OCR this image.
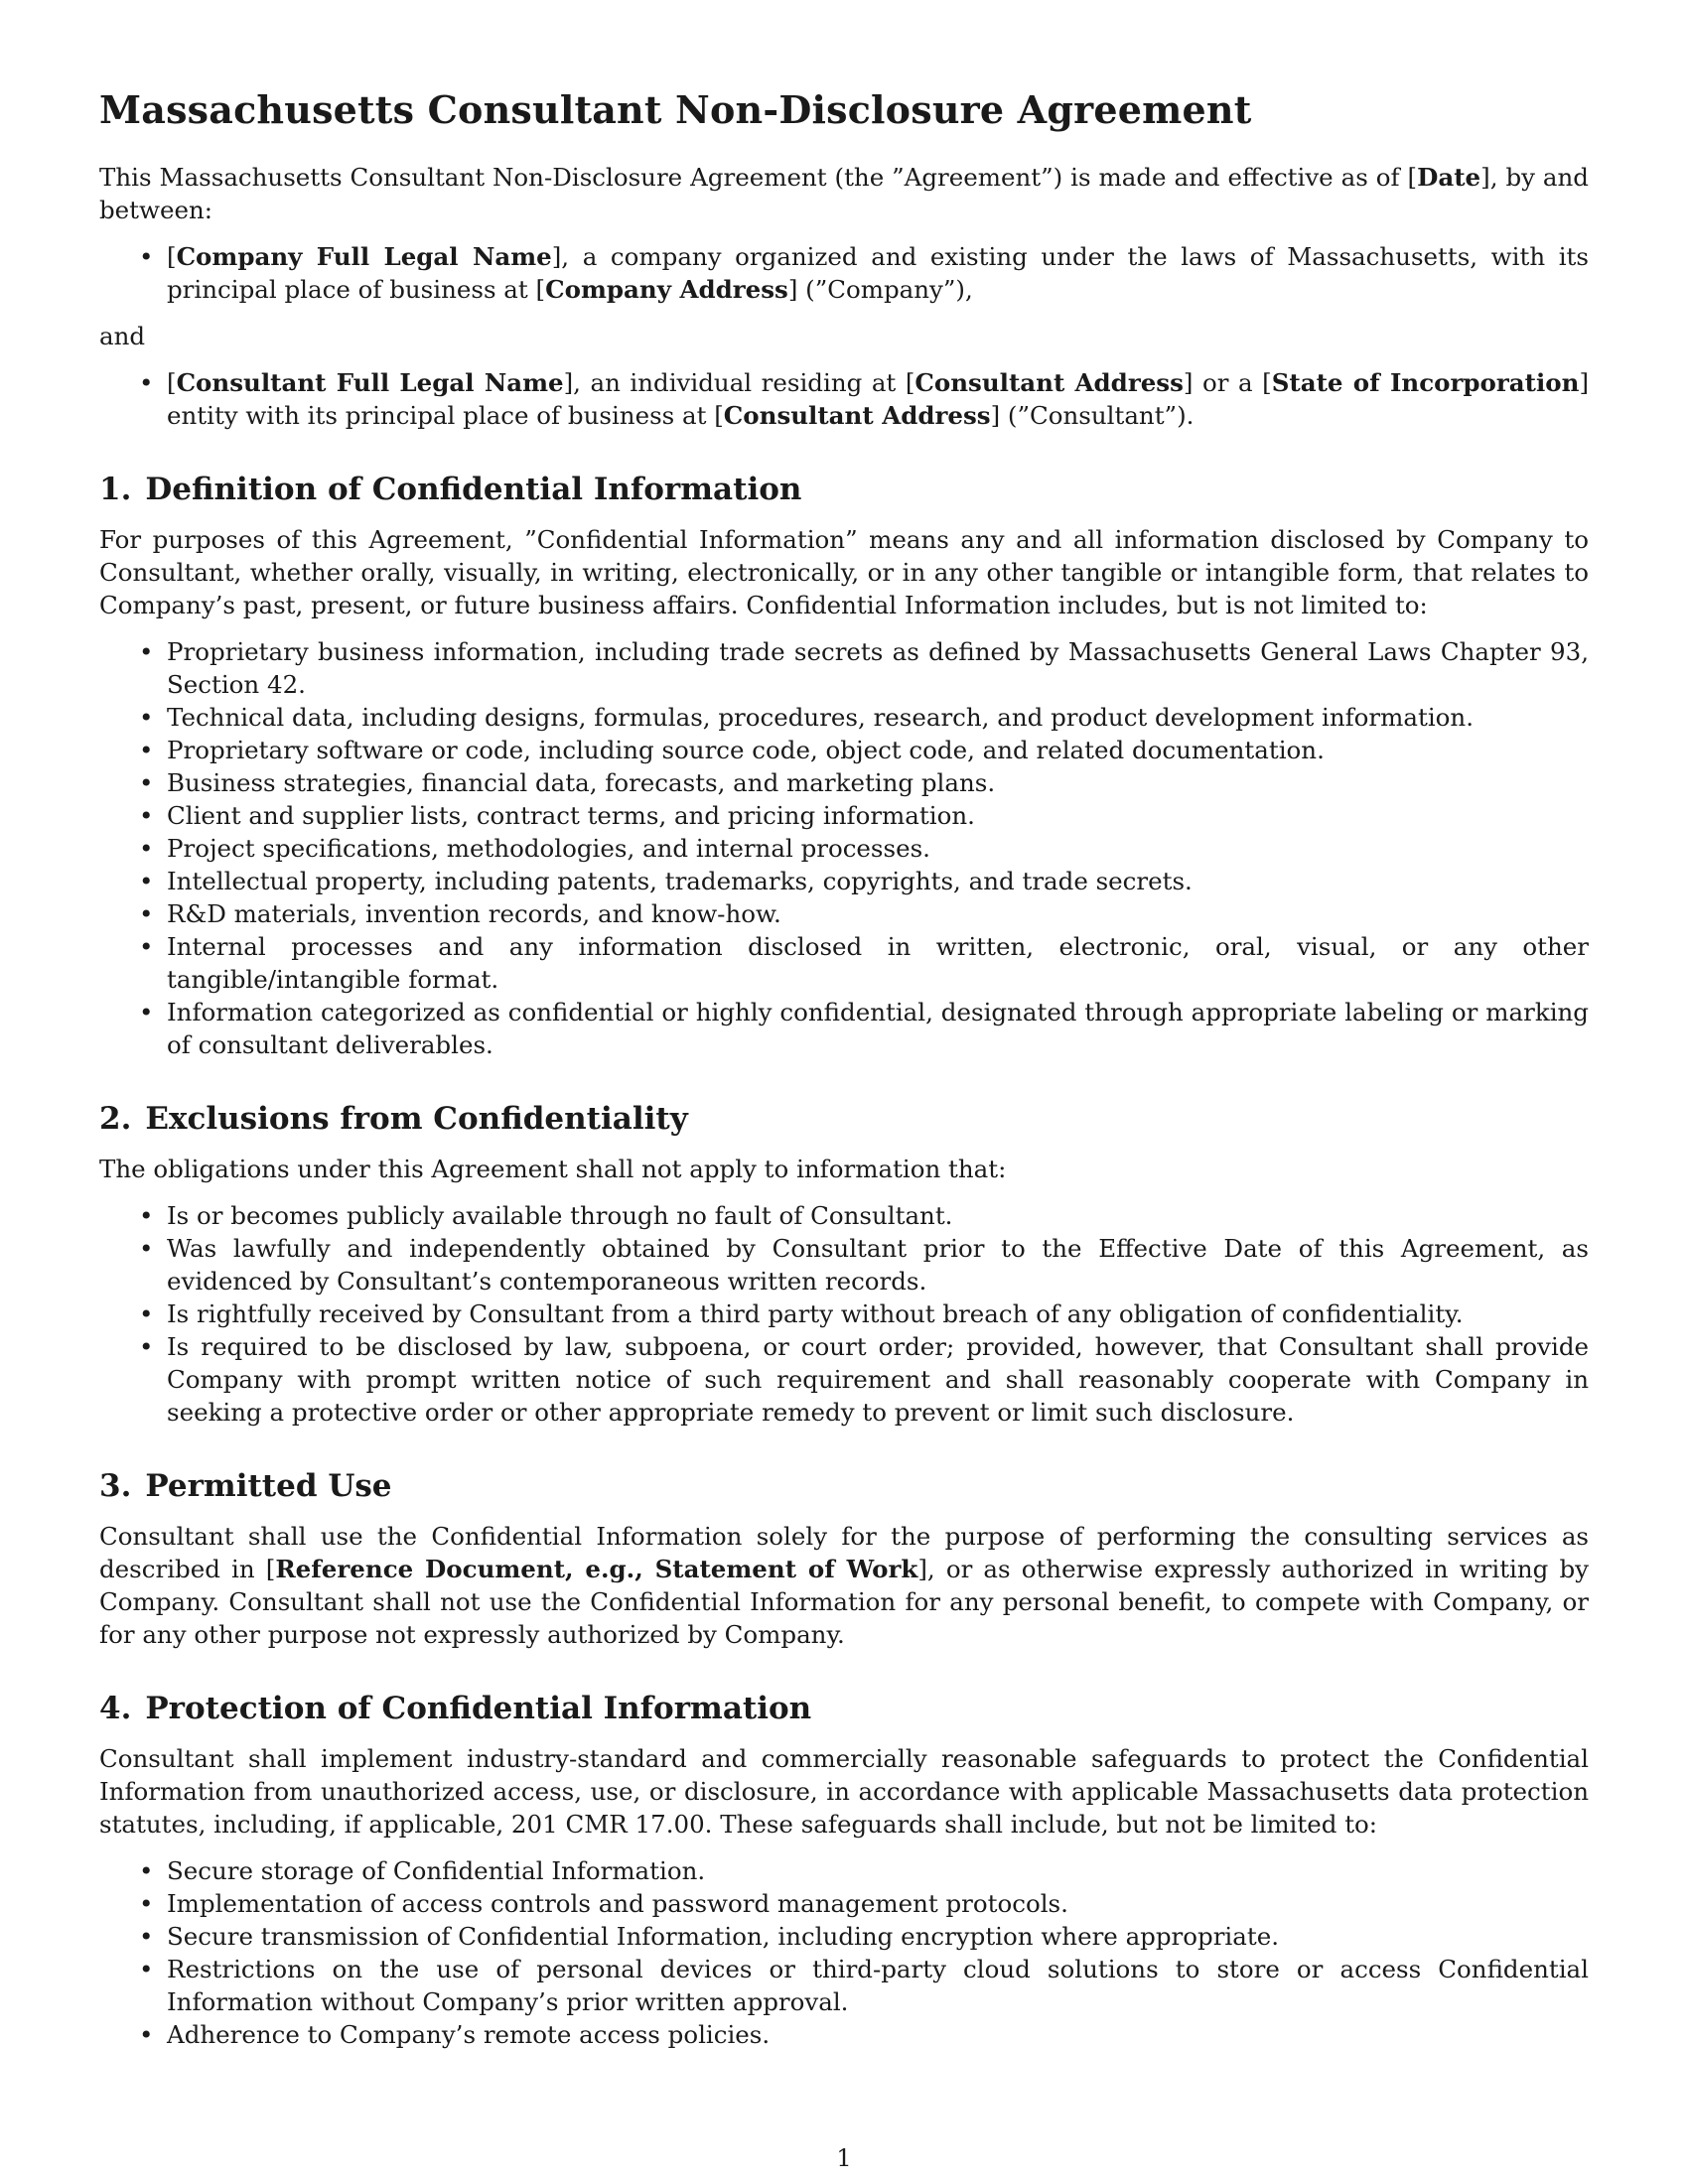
Massachusetts Consultant Non-Disclosure Agreement

This Massachusetts Consultant Non-Disclosure Agreement (the ”Agreement”) is made and effective as of [Date], by and between:

• [Company Full Legal Name], a company organized and existing under the laws of Massachusetts, with its principal place of business at [Company Address] (”Company”),

and

• [Consultant Full Legal Name], an individual residing at [Consultant Address] or a [State of Incorporation] entity with its principal place of business at [Consultant Address] (”Consultant”).
1. Definition of Confidential Information

For purposes of this Agreement, ”Confidential Information” means any and all information disclosed by Company to Consultant, whether orally, visually, in writing, electronically, or in any other tangible or intangible form, that relates to Company’s past, present, or future business affairs. Confidential Information includes, but is not limited to:

• Proprietary business information, including trade secrets as defined by Massachusetts General Laws Chapter 93, Section 42.
• Technical data, including designs, formulas, procedures, research, and product development information.
• Proprietary software or code, including source code, object code, and related documentation.
• Business strategies, financial data, forecasts, and marketing plans.
• Client and supplier lists, contract terms, and pricing information.
• Project specifications, methodologies, and internal processes.
• Intellectual property, including patents, trademarks, copyrights, and trade secrets.
• R&D materials, invention records, and know-how.
• Internal processes and any information disclosed in written, electronic, oral, visual, or any other tangible/intangible format.
• Information categorized as confidential or highly confidential, designated through appropriate labeling or marking of consultant deliverables.
2. Exclusions from Confidentiality

The obligations under this Agreement shall not apply to information that:

• Is or becomes publicly available through no fault of Consultant.
• Was lawfully and independently obtained by Consultant prior to the Effective Date of this Agreement, as evidenced by Consultant’s contemporaneous written records.
• Is rightfully received by Consultant from a third party without breach of any obligation of confidentiality.
• Is required to be disclosed by law, subpoena, or court order; provided, however, that Consultant shall provide Company with prompt written notice of such requirement and shall reasonably cooperate with Company in seeking a protective order or other appropriate remedy to prevent or limit such disclosure.
3. Permitted Use

Consultant shall use the Confidential Information solely for the purpose of performing the consulting services as described in [Reference Document, e.g., Statement of Work], or as otherwise expressly authorized in writing by Company. Consultant shall not use the Confidential Information for any personal benefit, to compete with Company, or for any other purpose not expressly authorized by Company.

4. Protection of Confidential Information

Consultant shall implement industry-standard and commercially reasonable safeguards to protect the Confidential Information from unauthorized access, use, or disclosure, in accordance with applicable Massachusetts data protection statutes, including, if applicable, 201 CMR 17.00. These safeguards shall include, but not be limited to:

• Secure storage of Confidential Information.
• Implementation of access controls and password management protocols.
• Secure transmission of Confidential Information, including encryption where appropriate.
• Restrictions on the use of personal devices or third-party cloud solutions to store or access Confidential Information without Company’s prior written approval.
• Adherence to Company’s remote access policies.
1
